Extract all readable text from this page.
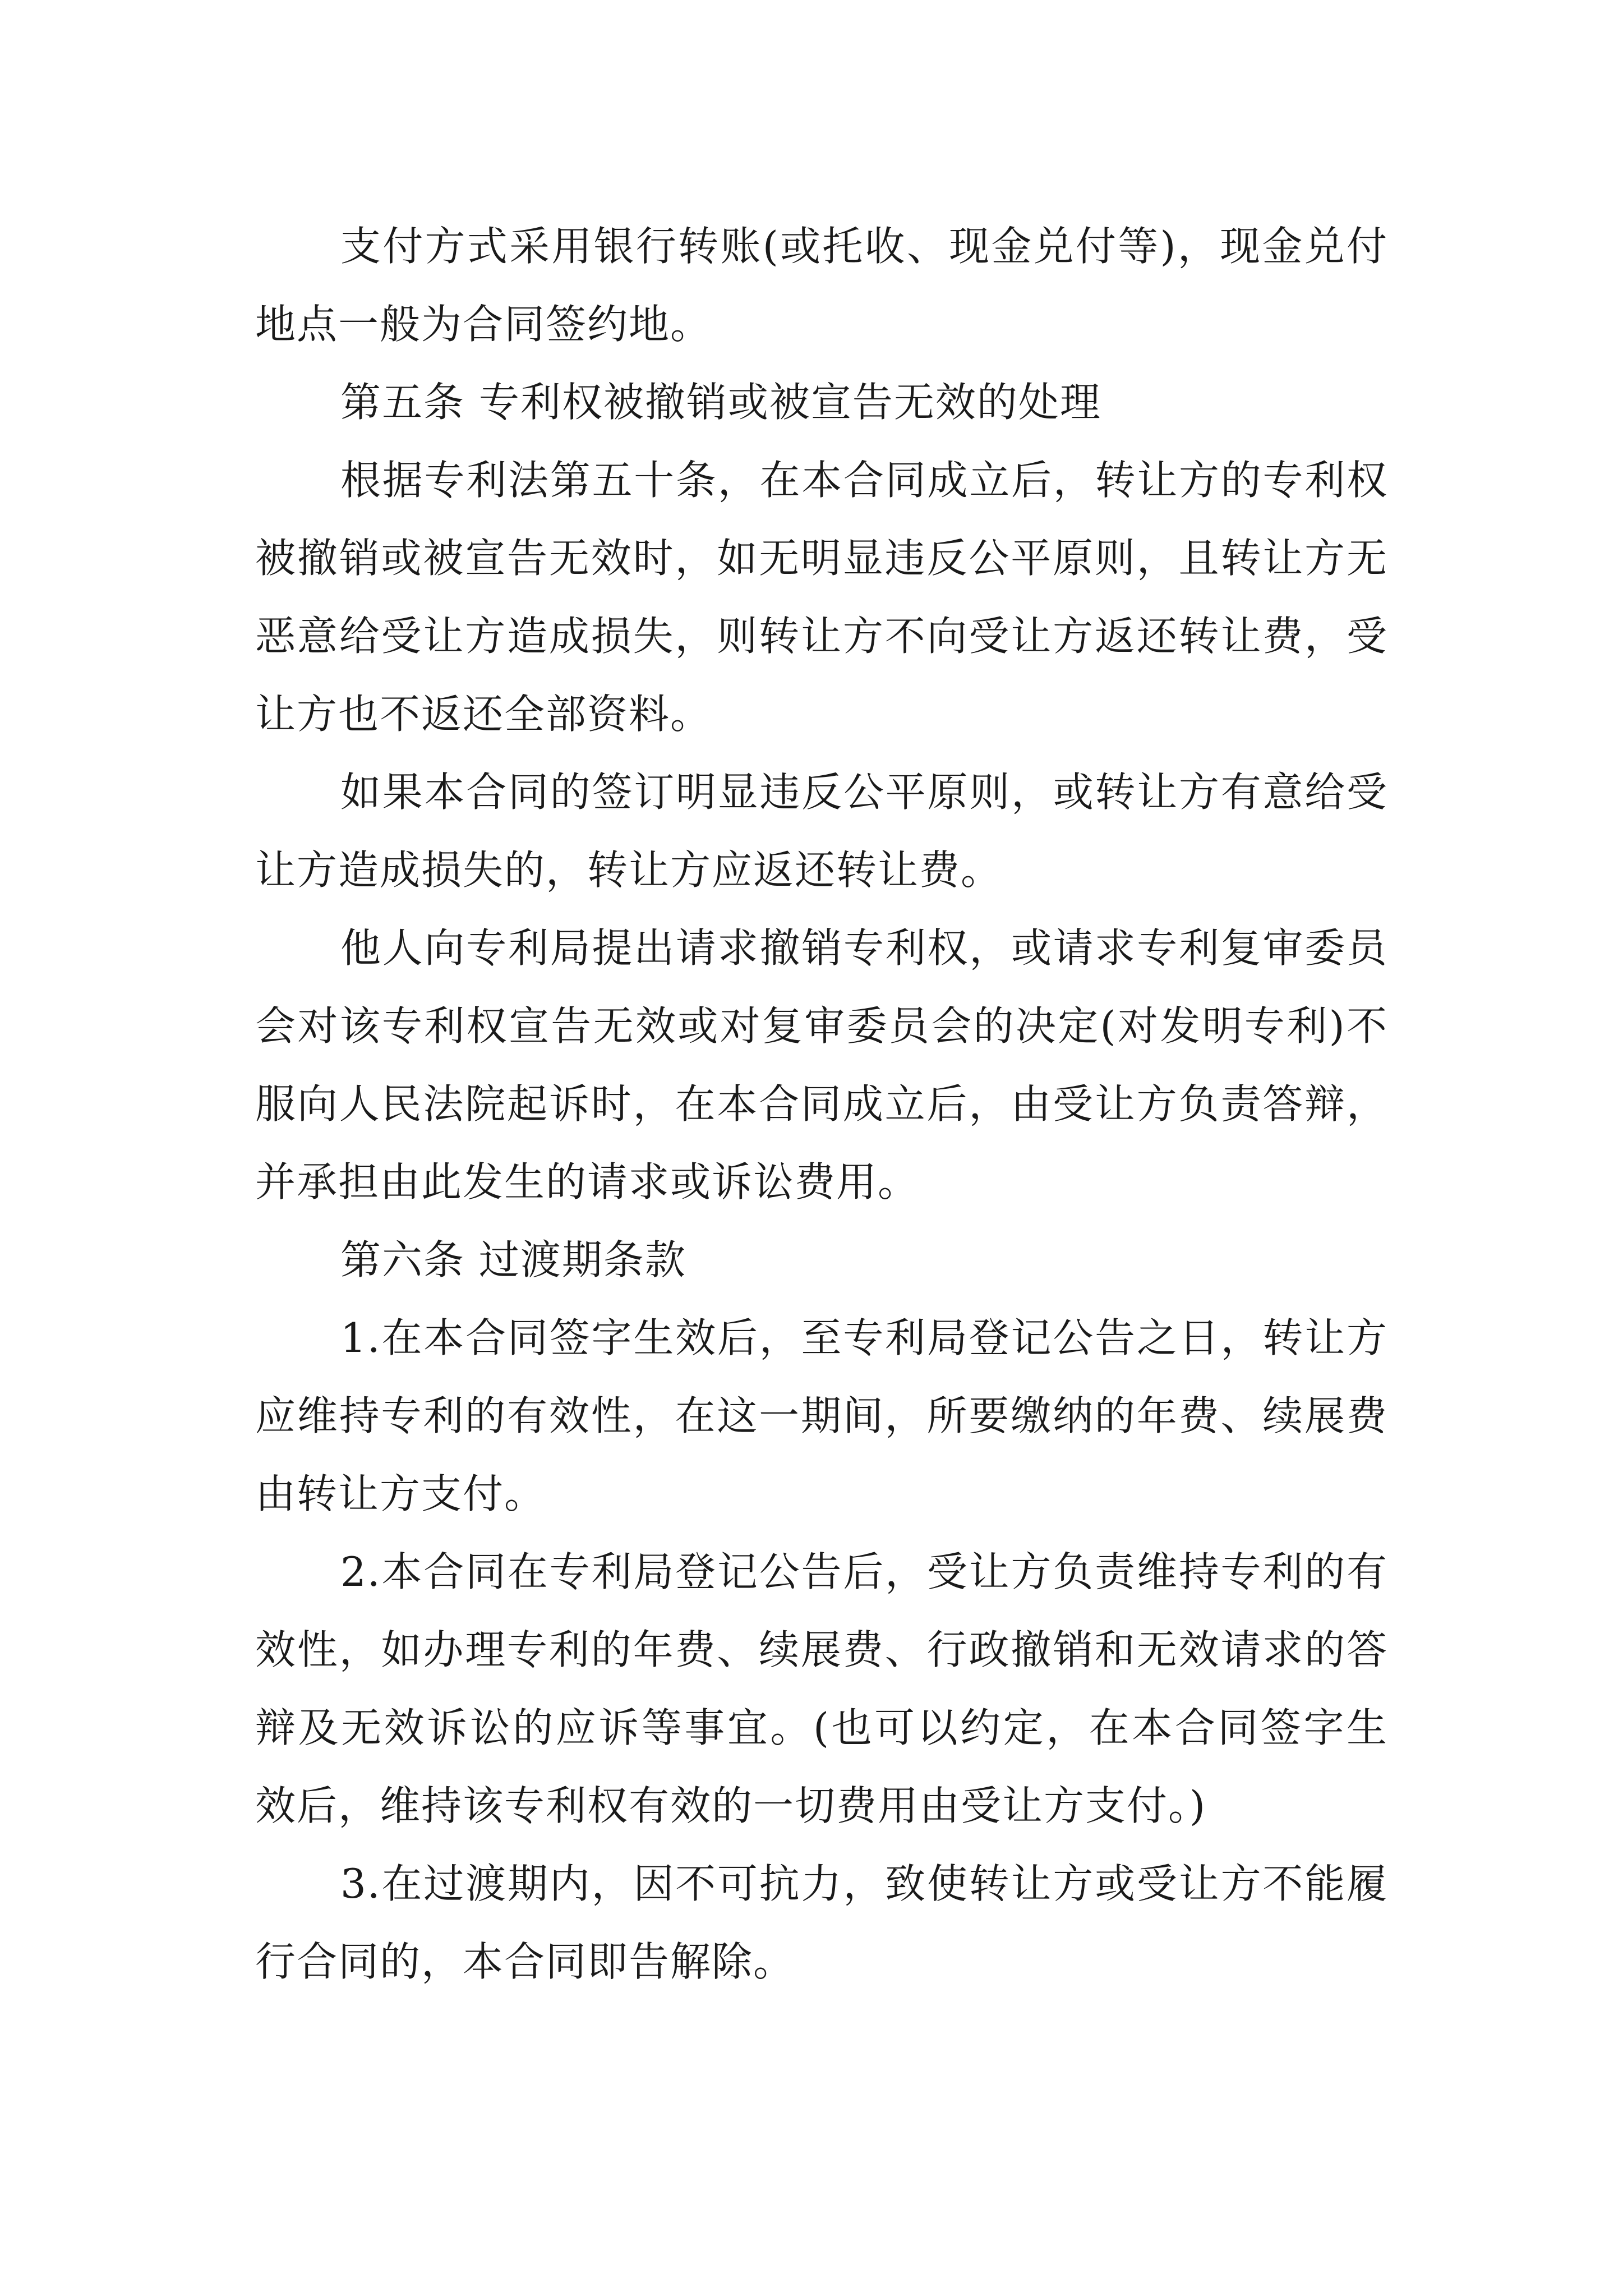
支付方式采用银行转账(或托收、现金兑付等)，现金兑付地点一般为合同签约地。

第五条 专利权被撤销或被宣告无效的处理

根据专利法第五十条，在本合同成立后，转让方的专利权被撤销或被宣告无效时，如无明显违反公平原则，且转让方无恶意给受让方造成损失，则转让方不向受让方返还转让费，受让方也不返还全部资料。

如果本合同的签订明显违反公平原则，或转让方有意给受让方造成损失的，转让方应返还转让费。

他人向专利局提出请求撤销专利权，或请求专利复审委员会对该专利权宣告无效或对复审委员会的决定(对发明专利)不服向人民法院起诉时，在本合同成立后，由受让方负责答辩，并承担由此发生的请求或诉讼费用。

第六条 过渡期条款

1.在本合同签字生效后，至专利局登记公告之日，转让方应维持专利的有效性，在这一期间，所要缴纳的年费、续展费由转让方支付。

2.本合同在专利局登记公告后，受让方负责维持专利的有效性，如办理专利的年费、续展费、行政撤销和无效请求的答辩及无效诉讼的应诉等事宜。(也可以约定，在本合同签字生效后，维持该专利权有效的一切费用由受让方支付。)

3.在过渡期内，因不可抗力，致使转让方或受让方不能履行合同的，本合同即告解除。
